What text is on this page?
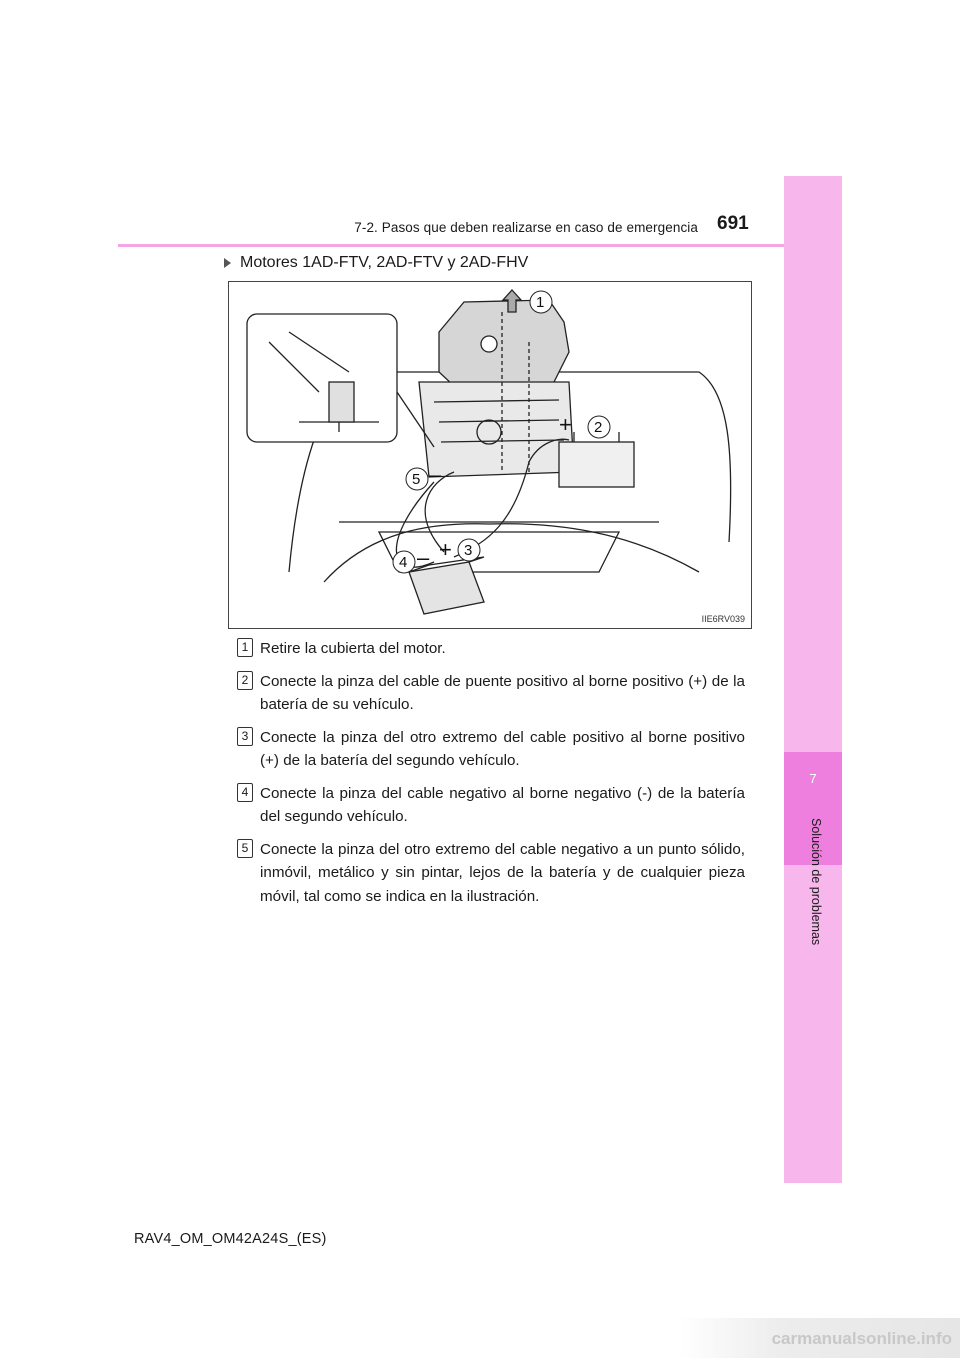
7-2. Pasos que deben realizarse en caso de emergencia 691
7
Solución de problemas
Motores 1AD-FTV, 2AD-FTV y 2AD-FHV
1
+ 2
+ 3
4 –
5 –
IIE6RV039
1 Retire la cubierta del motor.
2 Conecte la pinza del cable de puente positivo al borne positivo (+) de la batería de su vehículo.
3 Conecte la pinza del otro extremo del cable positivo al borne positivo (+) de la batería del segundo vehículo.
4 Conecte la pinza del cable negativo al borne negativo (-) de la batería del segundo vehículo.
5 Conecte la pinza del otro extremo del cable negativo a un punto sólido, inmóvil, metálico y sin pintar, lejos de la batería y de cualquier pieza móvil, tal como se indica en la ilustración.
RAV4_OM_OM42A24S_(ES)
carmanualsonline.info
